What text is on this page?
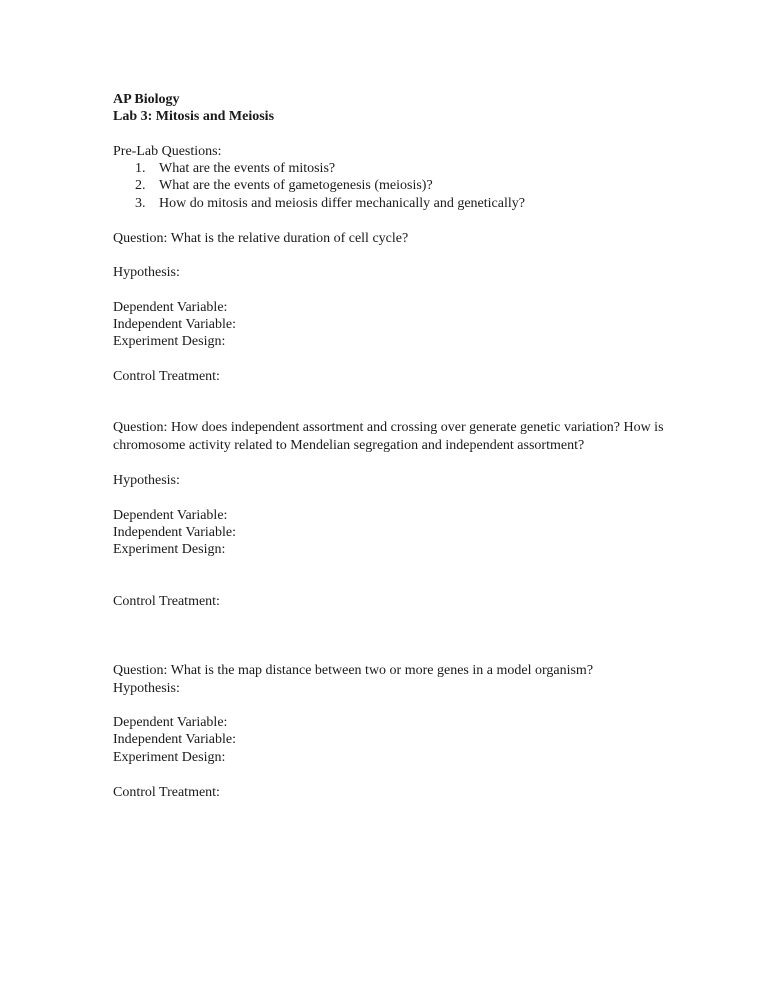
AP Biology
Lab 3: Mitosis and Meiosis
Pre-Lab Questions:
1. What are the events of mitosis?
2. What are the events of gametogenesis (meiosis)?
3. How do mitosis and meiosis differ mechanically and genetically?
Question: What is the relative duration of cell cycle?
Hypothesis:
Dependent Variable:
Independent Variable:
Experiment Design:
Control Treatment:
Question: How does independent assortment and crossing over generate genetic variation? How is chromosome activity related to Mendelian segregation and independent assortment?
Hypothesis:
Dependent Variable:
Independent Variable:
Experiment Design:
Control Treatment:
Question: What is the map distance between two or more genes in a model organism?
Hypothesis:
Dependent Variable:
Independent Variable:
Experiment Design:
Control Treatment:
